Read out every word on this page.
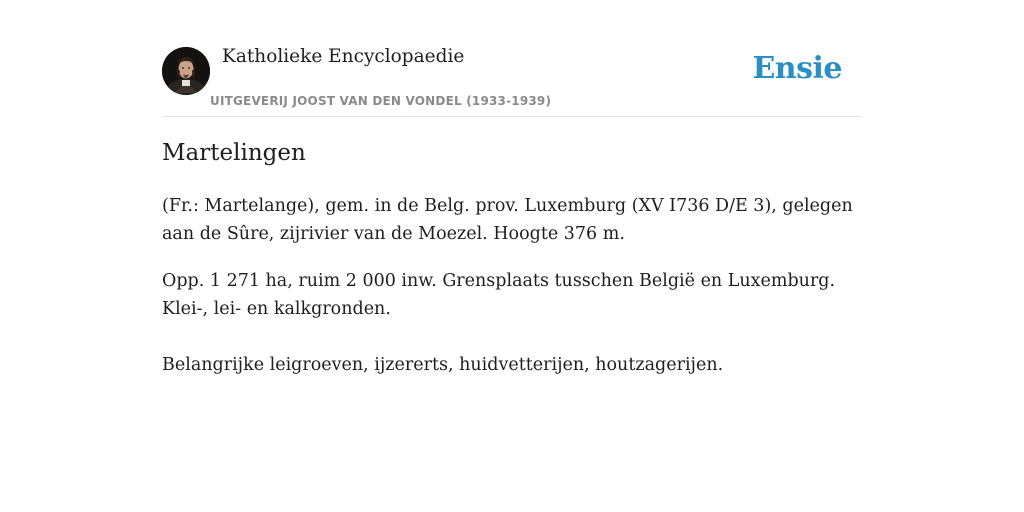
Katholieke Encyclopaedie
UITGEVERIJ JOOST VAN DEN VONDEL (1933-1939)
Ensie
Martelingen
(Fr.: Martelange), gem. in de Belg. prov. Luxemburg (XV I736 D/E 3), gelegen aan de Sûre, zijrivier van de Moezel. Hoogte 376 m.
Opp. 1 271 ha, ruim 2 000 inw. Grensplaats tusschen België en Luxemburg. Klei-, lei- en kalkgronden.
Belangrijke leigroeven, ijzererts, huidvetterijen, houtzagerijen.
